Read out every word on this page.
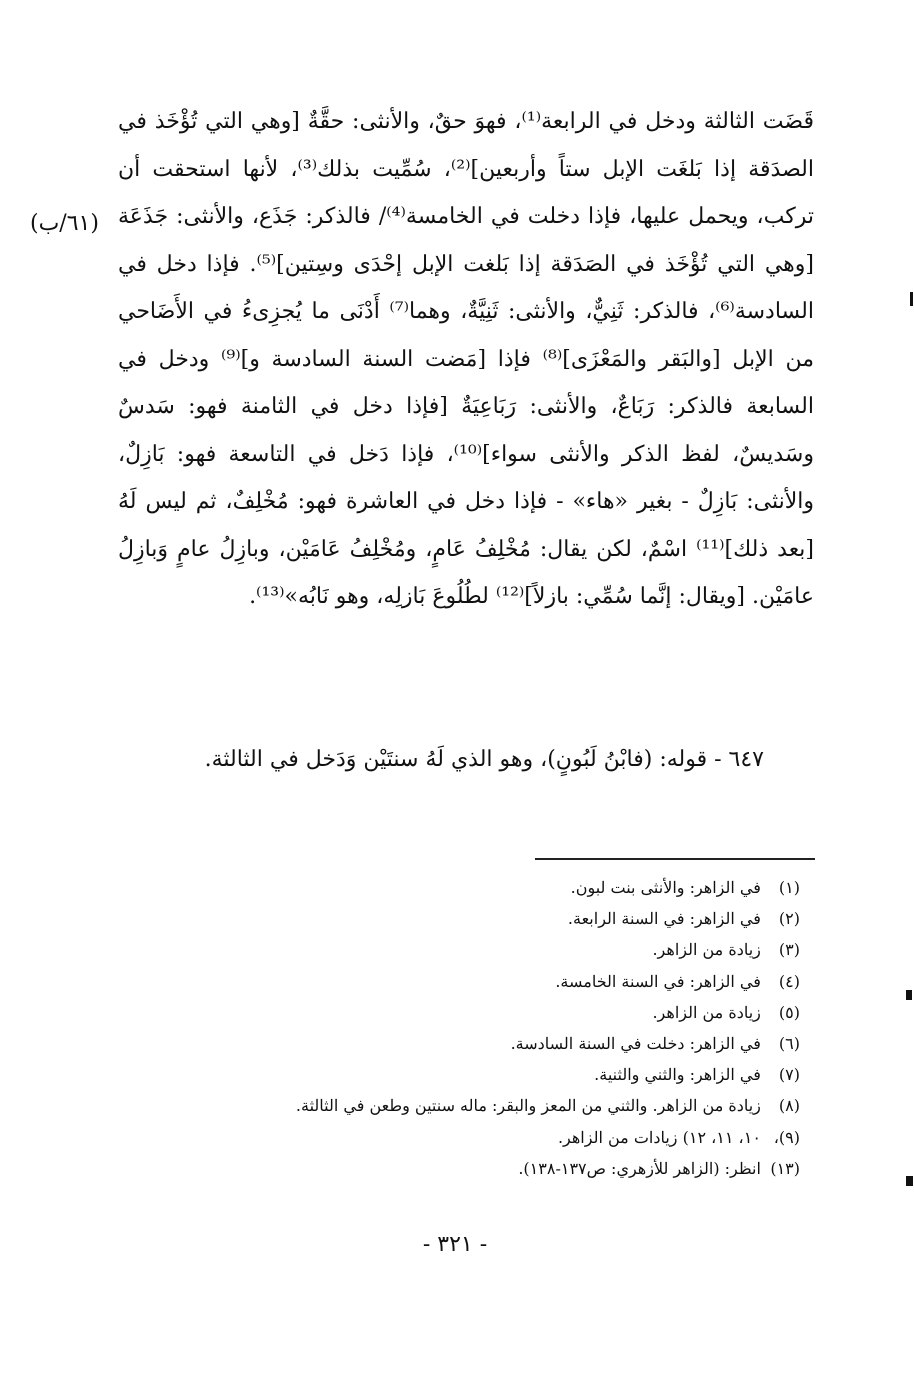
قَضَت الثالثة ودخل في الرابعة⁽¹⁾، فهوَ حقٌ، والأنثى: حقَّةٌ [وهي التي تُؤْخَذ في الصدَقة إذا بَلغَت الإبل ستاً وأربعين]⁽²⁾، سُمِّيت بذلك⁽³⁾، لأنها استحقت أن تركب، ويحمل عليها، فإذا دخلت في الخامسة⁽⁴⁾/ فالذكر: جَذَع، والأنثى: جَذَعَة [وهي التي تُؤْخَذ في الصَدَقة إذا بَلغت الإبل إحْدَى وسِتين]⁽⁵⁾. فإذا دخل في السادسة⁽⁶⁾، فالذكر: ثَنِيٌّ، والأنثى: ثَنِيَّةٌ، وهما⁽⁷⁾ أَدْنَى ما يُجزِىءُ في الأَضَاحي من الإبل [والبَقر والمَعْزَى]⁽⁸⁾ فإذا [مَضت السنة السادسة و]⁽⁹⁾ ودخل في السابعة فالذكر: رَبَاعٌ، والأنثى: رَبَاعِيَةٌ [فإذا دخل في الثامنة فهو: سَدسٌ وسَديسٌ، لفظ الذكر والأنثى سواء]⁽¹⁰⁾، فإذا دَخل في التاسعة فهو: بَازِلٌ، والأنثى: بَازِلٌ - بغير «هاء» - فإذا دخل في العاشرة فهو: مُخْلِفٌ، ثم ليس لَهُ [بعد ذلك]⁽¹¹⁾ اسْمٌ، لكن يقال: مُخْلِفُ عَامٍ، ومُخْلِفُ عَامَيْن، وبازِلُ عامٍ وَبازِلُ عامَيْن. [ويقال: إنَّما سُمِّي: بازلاً]⁽¹²⁾ لطُلُوعَ بَازلِه، وهو نَابُه»⁽¹³⁾.

(٦١/ب)
٦٤٧ - قوله: (فابْنُ لَبُونٍ)، وهو الذي لَهُ سنتَيْن وَدَخل في الثالثة.
(١) في الزاهر: والأنثى بنت لبون.
(٢) في الزاهر: في السنة الرابعة.
(٣) زيادة من الزاهر.
(٤) في الزاهر: في السنة الخامسة.
(٥) زيادة من الزاهر.
(٦) في الزاهر: دخلت في السنة السادسة.
(٧) في الزاهر: والثني والثنية.
(٨) زيادة من الزاهر. والثني من المعز والبقر: ماله سنتين وطعن في الثالثة.
(٩)، ١٠، ١١، ١٢) زيادات من الزاهر.
(١٣) انظر: (الزاهر للأزهري: ص١٣٧-١٣٨).
- ٣٢١ -
